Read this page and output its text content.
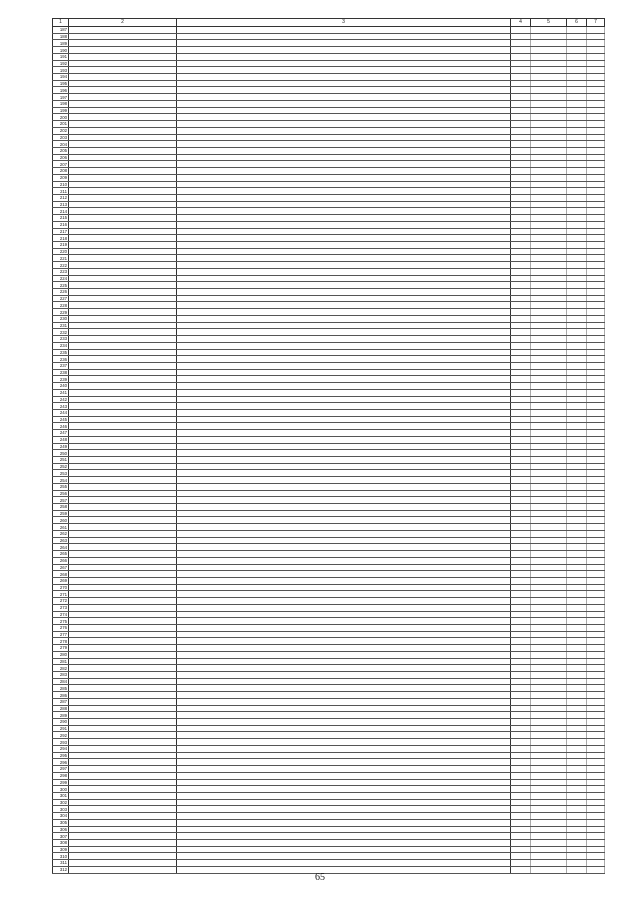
1	2	3	4	5	6	7
187						
188						
189						
190						
191						
192						
193						
194						
195						
196						
197						
198						
199						
200						
201						
202						
203						
204						
205						
206						
207						
208						
209						
210						
211						
212						
213						
214						
215						
216						
217						
218						
219						
220						
221						
222						
223						
224						
225						
226						
227						
228						
229						
230						
231						
232						
233						
234						
235						
236						
237						
238						
239						
240						
241						
242						
243						
244						
245						
246						
247						
248						
249						
250						
251						
252						
253						
254						
255						
256						
257						
258						
259						
260						
261						
262						
263						
264						
265						
266						
267						
268						
269						
270						
271						
272						
273						
274						
275						
276						
277						
278						
279						
280						
281						
282						
283						
284						
285						
286						
287						
288						
289						
290						
291						
292						
293						
294						
295						
296						
297						
298						
299						
300						
301						
302						
303						
304						
305						
306						
307						
308						
309						
310						
311						
312						
65
